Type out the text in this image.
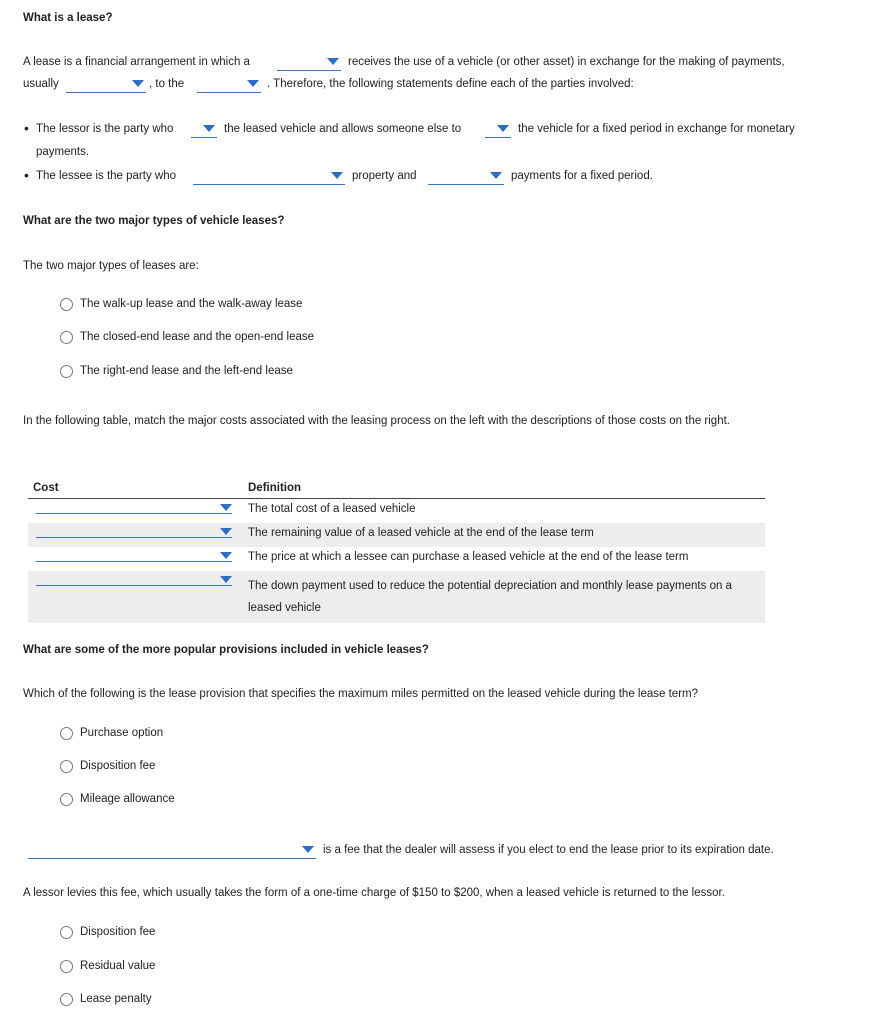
What is a lease?
A lease is a financial arrangement in which a	receives the use of a vehicle (or other asset) in exchange for the making of payments,
usually	, to the	. Therefore, the following statements define each of the parties involved:
• The lessor is the party who	the leased vehicle and allows someone else to	the vehicle for a fixed period in exchange for monetary
payments.
• The lessee is the party who	property and	payments for a fixed period.
What are the two major types of vehicle leases?
The two major types of leases are:
The walk-up lease and the walk-away lease
The closed-end lease and the open-end lease
The right-end lease and the left-end lease
In the following table, match the major costs associated with the leasing process on the left with the descriptions of those costs on the right.
Cost	Definition

	The total cost of a leased vehicle

	The remaining value of a leased vehicle at the end of the lease term

	The price at which a lessee can purchase a leased vehicle at the end of the lease term

	The down payment used to reduce the potential depreciation and monthly lease payments on a leased vehicle
What are some of the more popular provisions included in vehicle leases?
Which of the following is the lease provision that specifies the maximum miles permitted on the leased vehicle during the lease term?
Purchase option
Disposition fee
Mileage allowance
is a fee that the dealer will assess if you elect to end the lease prior to its expiration date.
A lessor levies this fee, which usually takes the form of a one-time charge of $150 to $200, when a leased vehicle is returned to the lessor.
Disposition fee
Residual value
Lease penalty
